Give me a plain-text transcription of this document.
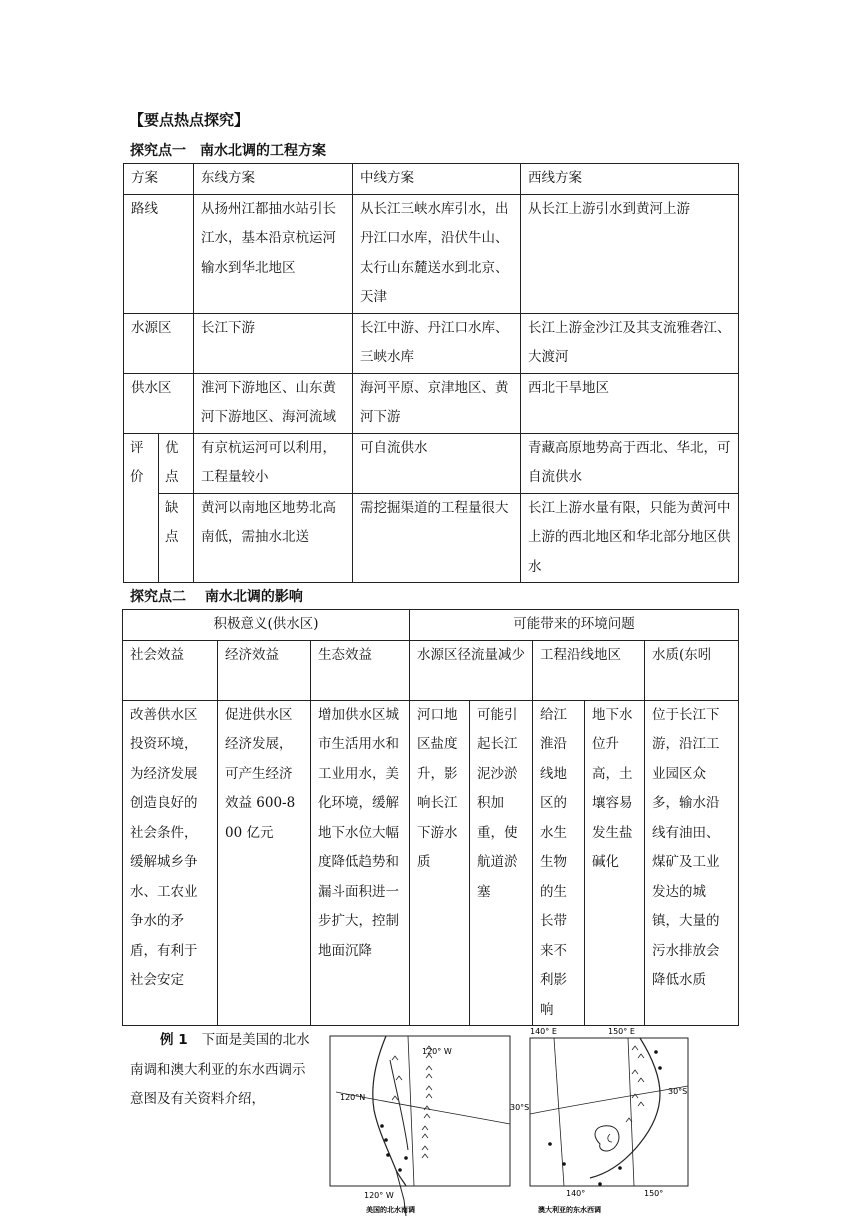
【要点热点探究】
探究点一　南水北调的工程方案
方案		东线方案	中线方案	西线方案
路线		从扬州江都抽水站引长江水，基本沿京杭运河输水到华北地区	从长江三峡水库引水，出丹江口水库，沿伏牛山、太行山东麓送水到北京、天津	从长江上游引水到黄河上游
水源区		长江下游	长江中游、丹江口水库、三峡水库	长江上游金沙江及其支流雅砻江、大渡河
供水区		淮河下游地区、山东黄河下游地区、海河流域	海河平原、京津地区、黄河下游	西北干旱地区
评价	优点	有京杭运河可以利用，工程量较小	可自流供水	青藏高原地势高于西北、华北，可自流供水
	缺点	黄河以南地区地势北高南低，需抽水北送	需挖掘渠道的工程量很大	长江上游水量有限，只能为黄河中上游的西北地区和华北部分地区供水
探究点二　 南水北调的影响
积极意义(供水区)			可能带来的环境问题				
社会效益	经济效益	生态效益	水源区径流量减少		工程沿线地区		水质(东吲
改善供水区投资环境，为经济发展创造良好的社会条件，缓解城乡争水、工农业争水的矛盾，有利于社会安定	促进供水区经济发展，可产生经济效益 600-800 亿元	增加供水区城市生活用水和工业用水，美化环境，缓解地下水位大幅度降低趋势和漏斗面积进一步扩大，控制地面沉降	河口地区盐度升，影响长江下游水质	可能引起长江泥沙淤积加重，使航道淤塞	给江淮沿线地区的水生生物的生长带来不利影响	地下水位升高，土壤容易发生盐碱化	位于长江下游，沿江工业园区众多，输水沿线有油田、煤矿及工业发达的城镇，大量的污水排放会降低水质
例 1 下面是美国的北水南调和澳大利亚的东水西调示意图及有关资料介绍，
120° W
120°N
120° W
美国的北水南调
140° E	150° E
30°S
30°S
140°	150°
澳大利亚的东水西调
